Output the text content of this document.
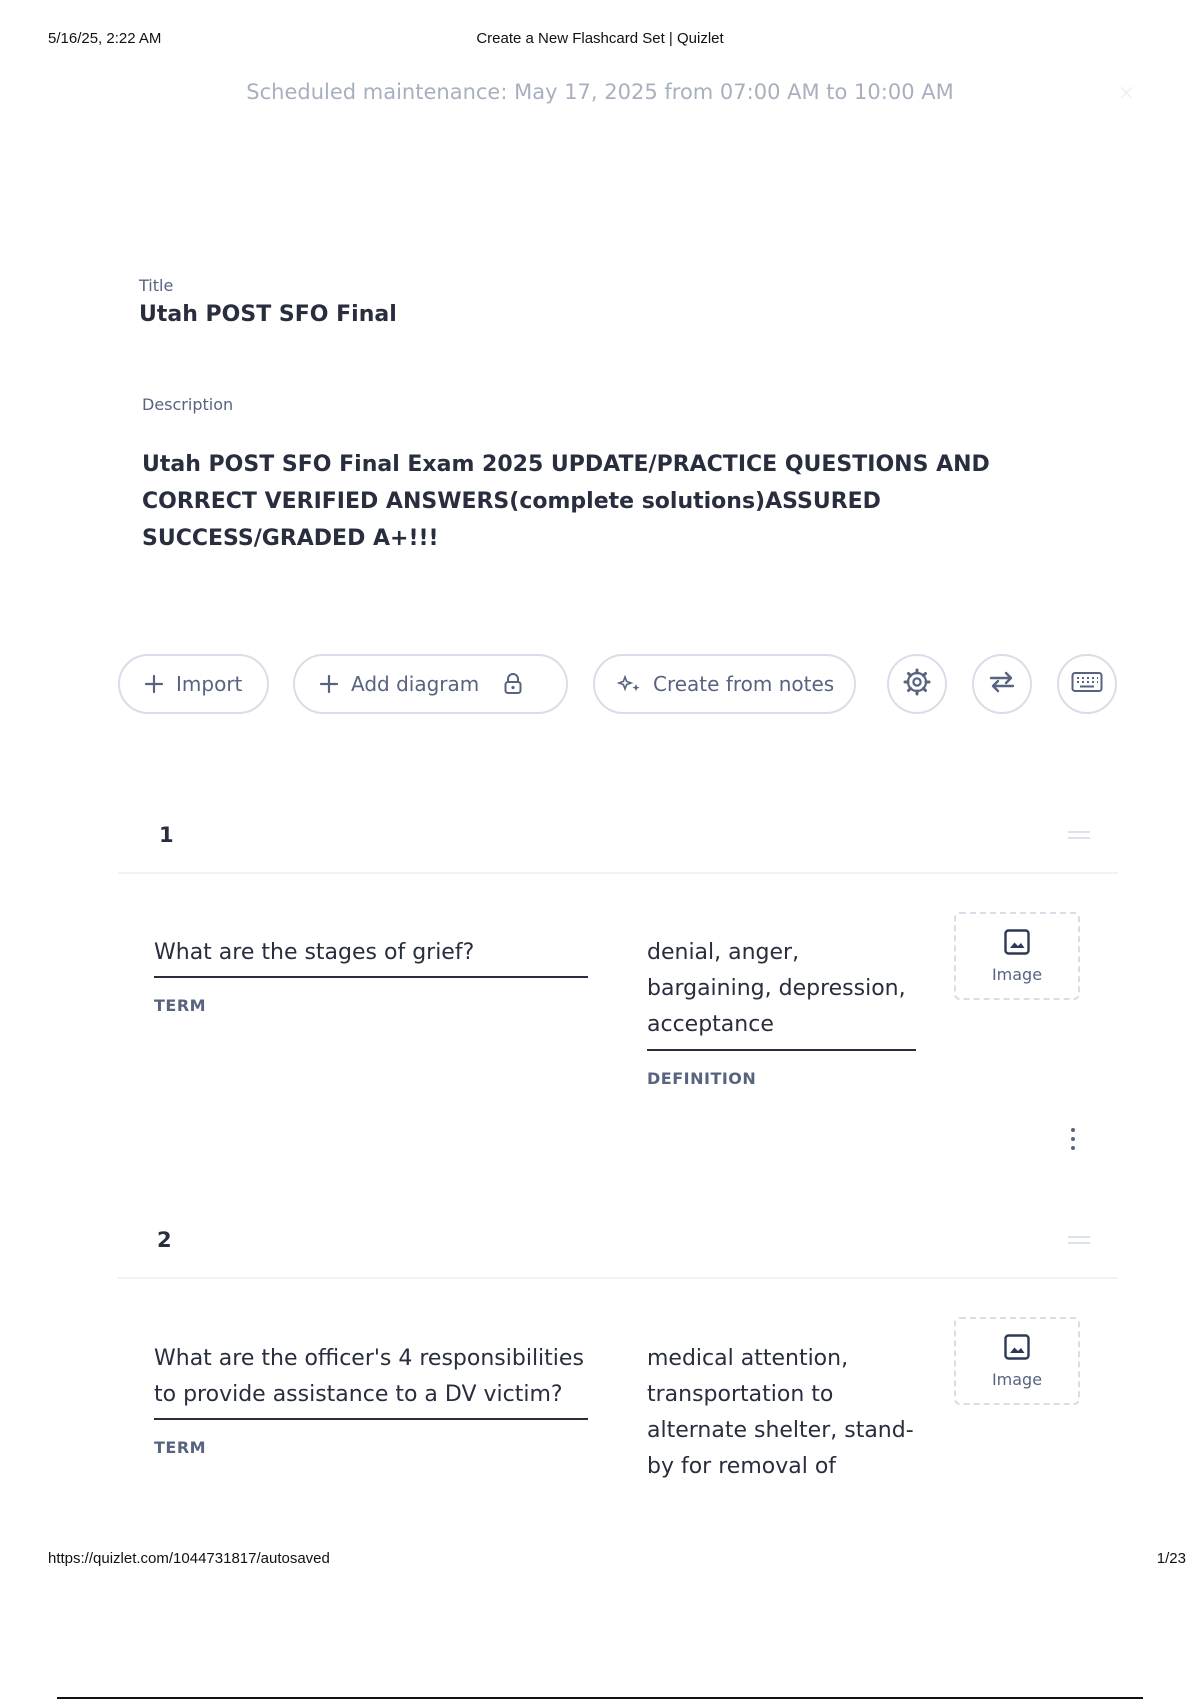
5/16/25, 2:22 AM	Create a New Flashcard Set | Quizlet
Scheduled maintenance: May 17, 2025 from 07:00 AM to 10:00 AM	×
Title
Utah POST SFO Final
Description
Utah POST SFO Final Exam 2025 UPDATE/PRACTICE QUESTIONS AND CORRECT VERIFIED ANSWERS(complete solutions)ASSURED SUCCESS/GRADED A+!!!
Import	Add diagram	Create from notes
1
What are the stages of grief?
TERM
denial, anger, bargaining, depression, acceptance
DEFINITION
Image
2
What are the officer's 4 responsibilities to provide assistance to a DV victim?
TERM
medical attention, transportation to alternate shelter, stand-by for removal of
Image
https://quizlet.com/1044731817/autosaved	1/23
